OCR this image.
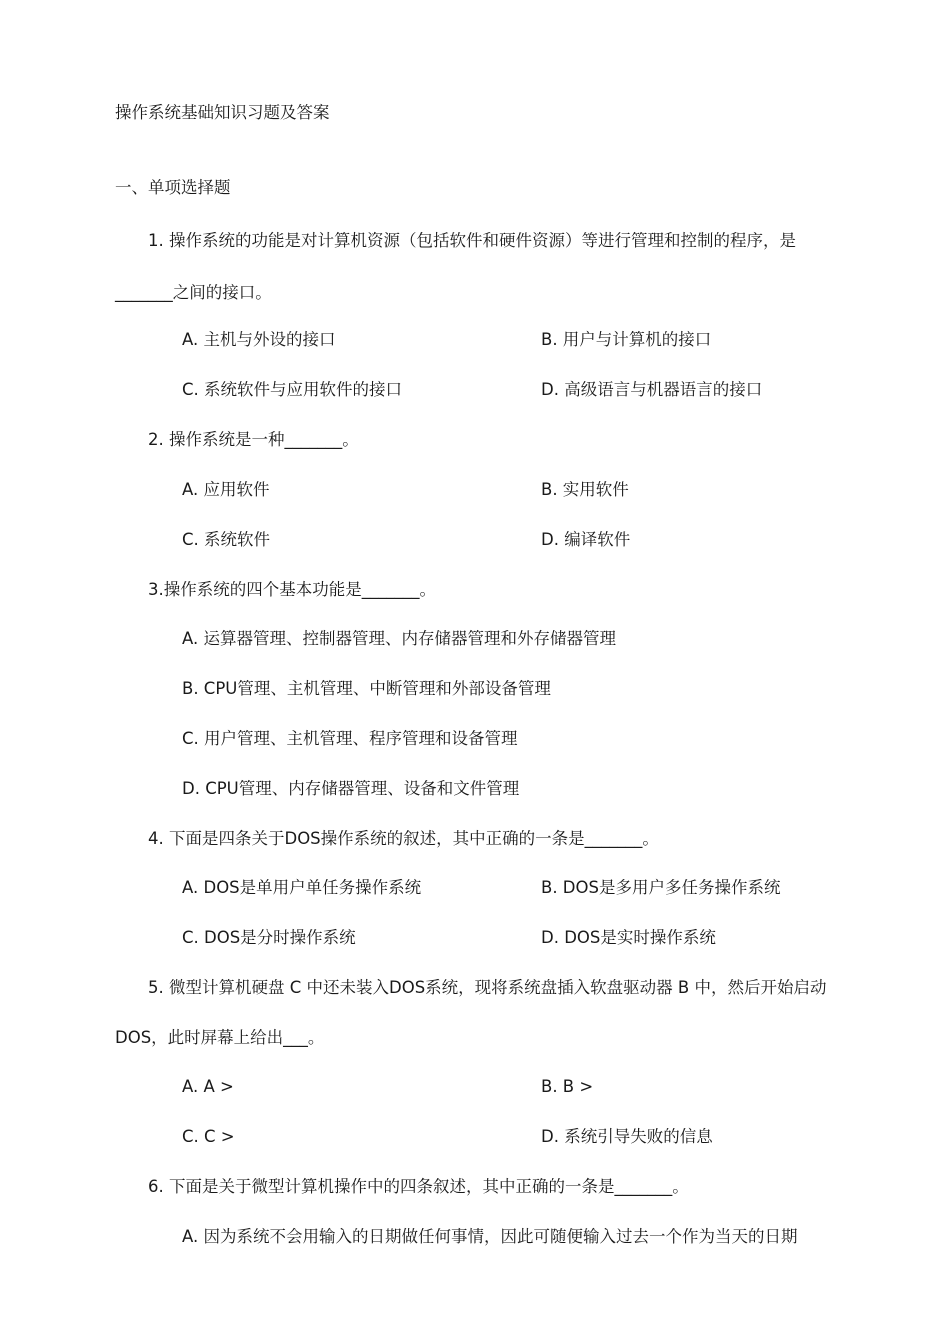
操作系统基础知识习题及答案
一、单项选择题
1. 操作系统的功能是对计算机资源（包括软件和硬件资源）等进行管理和控制的程序，是
_______之间的接口。
A. 主机与外设的接口	B. 用户与计算机的接口
C. 系统软件与应用软件的接口	D. 高级语言与机器语言的接口
2. 操作系统是一种_______。
A. 应用软件	B. 实用软件
C. 系统软件	D. 编译软件
3.操作系统的四个基本功能是_______。
A. 运算器管理、控制器管理、内存储器管理和外存储器管理
B. CPU管理、主机管理、中断管理和外部设备管理
C. 用户管理、主机管理、程序管理和设备管理
D. CPU管理、内存储器管理、设备和文件管理
4. 下面是四条关于DOS操作系统的叙述，其中正确的一条是_______。
A. DOS是单用户单任务操作系统	B. DOS是多用户多任务操作系统
C. DOS是分时操作系统	D. DOS是实时操作系统
5. 微型计算机硬盘 C 中还未装入DOS系统，现将系统盘插入软盘驱动器 B 中，然后开始启动
DOS，此时屏幕上给出___。
A. A >	B. B >
C. C >	D. 系统引导失败的信息
6. 下面是关于微型计算机操作中的四条叙述，其中正确的一条是_______。
A. 因为系统不会用输入的日期做任何事情，因此可随便输入过去一个作为当天的日期
